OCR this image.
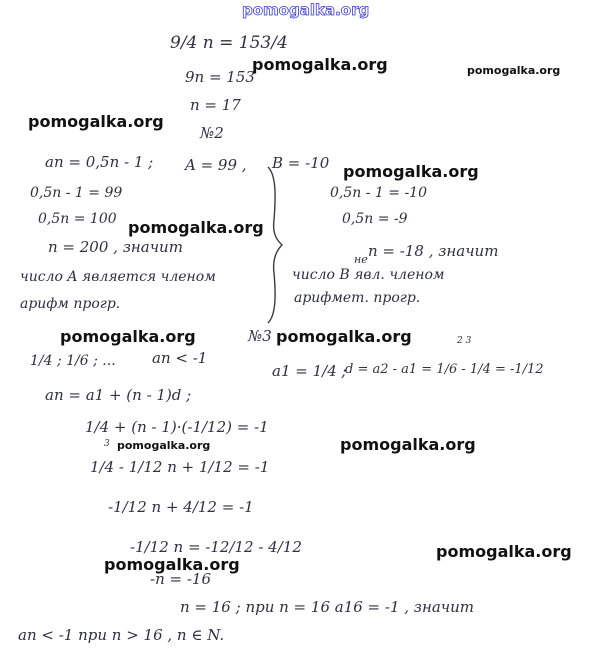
pomogalka.org
9/4 n = 153/4
9n = 153
n = 17
№2
an = 0,5n - 1 ; A = 99 , B = -10
0,5n - 1 = 99
0,5n = 100
n = 200 , значит
число A является членом
арифм прогр.
0,5n - 1 = -10
0,5n = -9
n = -18 , значит
не
число B явл. членом
арифмет. прогр.
№3
1/4 ; 1/6 ; ... an < -1
a1 = 1/4 ;
2 3
d = a2 - a1 = 1/6 - 1/4 = -1/12
an = a1 + (n - 1)d ;
1/4 + (n - 1)·(-1/12) = -1
3
1/4 - 1/12 n + 1/12 = -1
-1/12 n + 4/12 = -1
-1/12 n = -12/12 - 4/12
-n = -16
n = 16 ; при n = 16 a16 = -1 , значит
an < -1 при n > 16 , n ∈ N.
pomogalka.org	pomogalka.org
pomogalka.org
pomogalka.org
pomogalka.org
pomogalka.org	pomogalka.org
pomogalka.org	pomogalka.org
pomogalka.org
pomogalka.org
